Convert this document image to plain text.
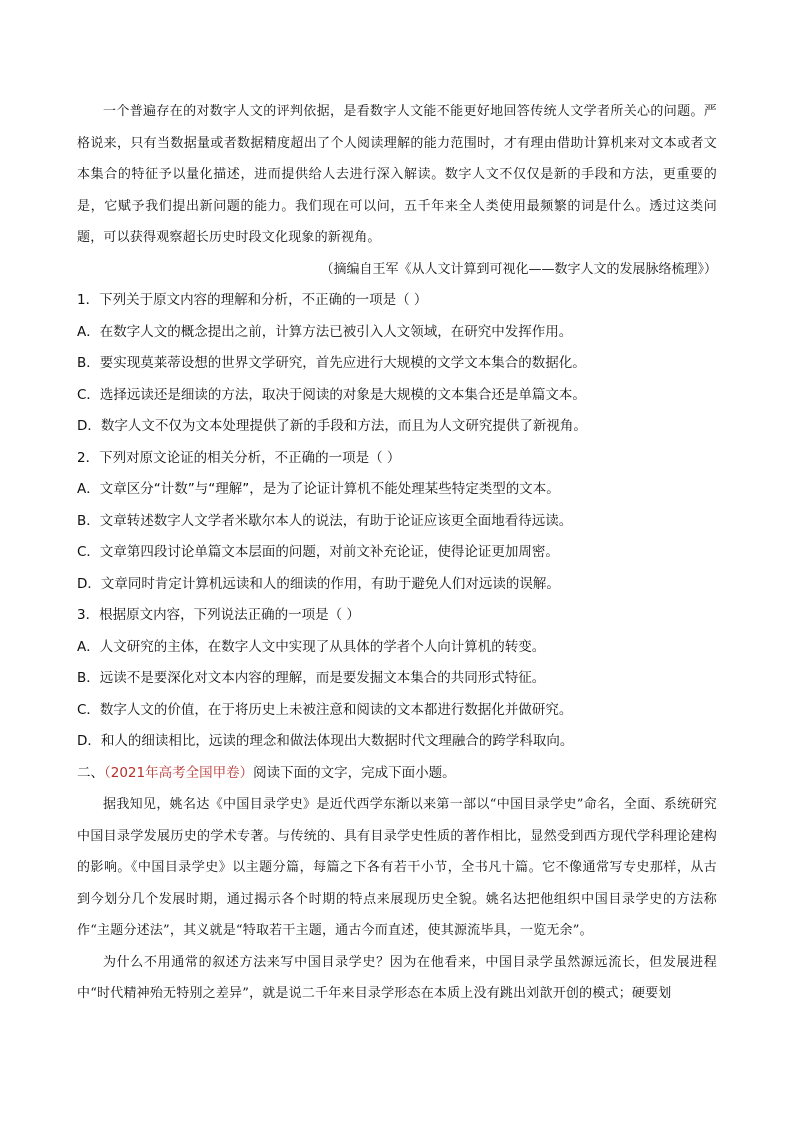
一个普遍存在的对数字人文的评判依据，是看数字人文能不能更好地回答传统人文学者所关心的问题。严格说来，只有当数据量或者数据精度超出了个人阅读理解的能力范围时，才有理由借助计算机来对文本或者文本集合的特征予以量化描述，进而提供给人去进行深入解读。数字人文不仅仅是新的手段和方法，更重要的是，它赋予我们提出新问题的能力。我们现在可以问，五千年来全人类使用最频繁的词是什么。透过这类问题，可以获得观察超长历史时段文化现象的新视角。

（摘编自王军《从人文计算到可视化——数字人文的发展脉络梳理》）

1．下列关于原文内容的理解和分析，不正确的一项是（ ）

A．在数字人文的概念提出之前，计算方法已被引入人文领域，在研究中发挥作用。

B．要实现莫莱蒂设想的世界文学研究，首先应进行大规模的文学文本集合的数据化。

C．选择远读还是细读的方法，取决于阅读的对象是大规模的文本集合还是单篇文本。

D．数字人文不仅为文本处理提供了新的手段和方法，而且为人文研究提供了新视角。

2．下列对原文论证的相关分析，不正确的一项是（ ）

A．文章区分“计数”与“理解”，是为了论证计算机不能处理某些特定类型的文本。

B．文章转述数字人文学者米歇尔本人的说法，有助于论证应该更全面地看待远读。

C．文章第四段讨论单篇文本层面的问题，对前文补充论证，使得论证更加周密。

D．文章同时肯定计算机远读和人的细读的作用，有助于避免人们对远读的误解。

3．根据原文内容，下列说法正确的一项是（ ）

A．人文研究的主体，在数字人文中实现了从具体的学者个人向计算机的转变。

B．远读不是要深化对文本内容的理解，而是要发掘文本集合的共同形式特征。

C．数字人文的价值，在于将历史上未被注意和阅读的文本都进行数据化并做研究。

D．和人的细读相比，远读的理念和做法体现出大数据时代文理融合的跨学科取向。

二、（2021年高考全国甲卷）阅读下面的文字，完成下面小题。

据我知见，姚名达《中国目录学史》是近代西学东渐以来第一部以“中国目录学史”命名，全面、系统研究中国目录学发展历史的学术专著。与传统的、具有目录学史性质的著作相比，显然受到西方现代学科理论建构的影响。《中国目录学史》以主题分篇，每篇之下各有若干小节，全书凡十篇。它不像通常写专史那样，从古到今划分几个发展时期，通过揭示各个时期的特点来展现历史全貌。姚名达把他组织中国目录学史的方法称作“主题分述法”，其义就是“特取若干主题，通古今而直述，使其源流毕具，一览无余”。

为什么不用通常的叙述方法来写中国目录学史？因为在他看来，中国目录学虽然源远流长，但发展进程中“时代精神殆无特别之差异”，就是说二千年来目录学形态在本质上没有跳出刘歆开创的模式；硬要划
